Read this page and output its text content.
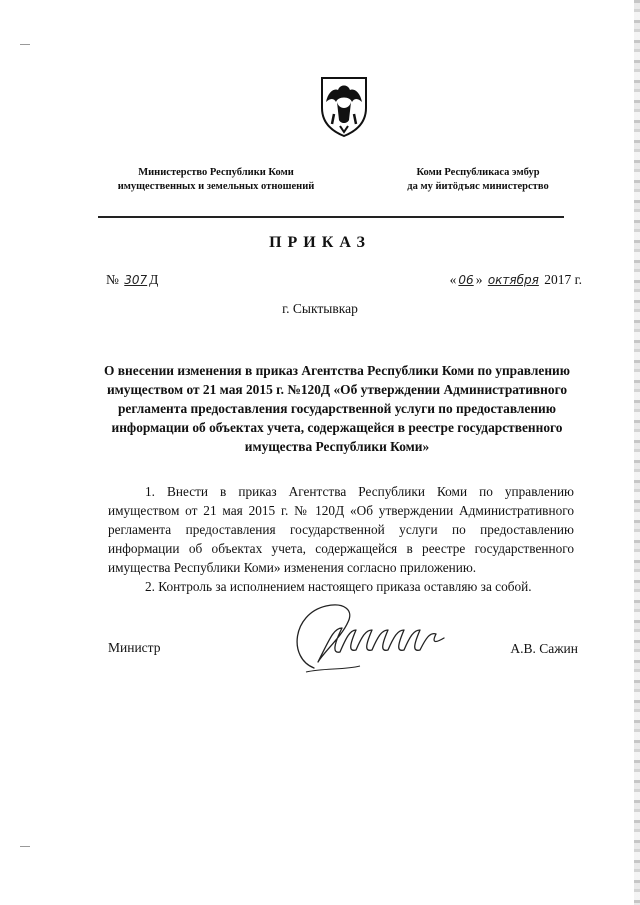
Министерство Республики Коми
имущественных и земельных отношений
Коми Республикаса эмбур
да му йитӧдъяс министерство
ПРИКАЗ
№ 307 Д	« 06 » октября 2017 г.
г. Сыктывкар
О внесении изменения в приказ Агентства Республики Коми по управлению имуществом от 21 мая 2015 г. №120Д «Об утверждении Административного регламента предоставления государственной услуги по предоставлению информации об объектах учета, содержащейся в реестре государственного имущества Республики Коми»

1. Внести в приказ Агентства Республики Коми по управлению имуществом от 21 мая 2015 г. № 120Д «Об утверждении Административного регламента предоставления государственной услуги по предоставлению информации об объектах учета, содержащейся в реестре государственного имущества Республики Коми» изменения согласно приложению.

2. Контроль за исполнением настоящего приказа оставляю за собой.

Министр	А.В. Сажин
